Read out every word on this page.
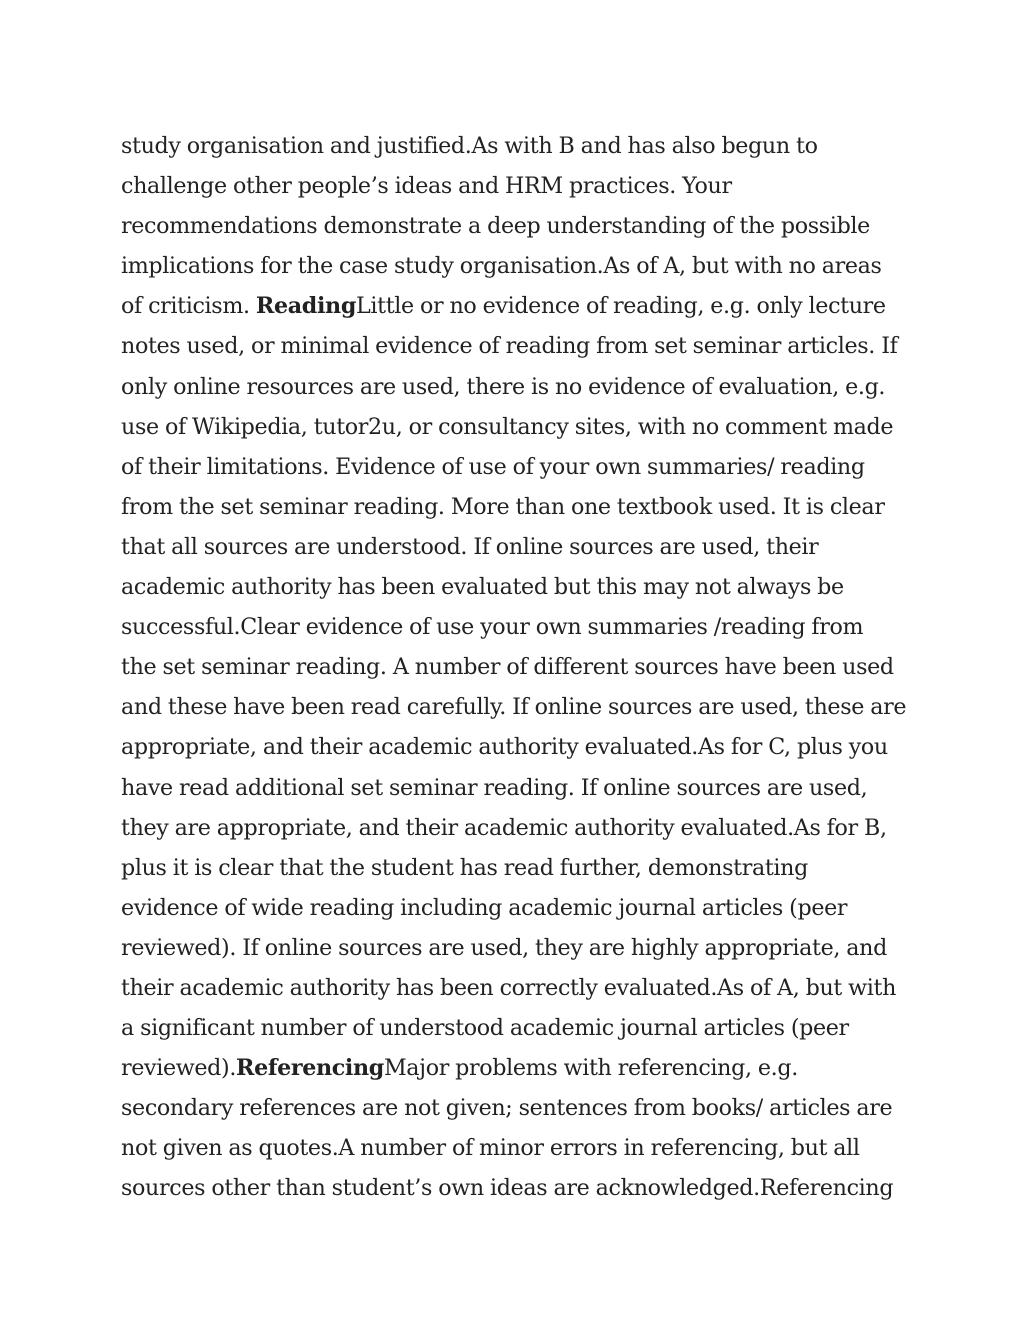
study organisation and justified.As with B and has also begun to
challenge other people’s ideas and HRM practices. Your
recommendations demonstrate a deep understanding of the possible
implications for the case study organisation.As of A, but with no areas
of criticism. ReadingLittle or no evidence of reading, e.g. only lecture
notes used, or minimal evidence of reading from set seminar articles. If
only online resources are used, there is no evidence of evaluation, e.g.
use of Wikipedia, tutor2u, or consultancy sites, with no comment made
of their limitations. Evidence of use of your own summaries/ reading
from the set seminar reading. More than one textbook used. It is clear
that all sources are understood. If online sources are used, their
academic authority has been evaluated but this may not always be
successful.Clear evidence of use your own summaries /reading from
the set seminar reading. A number of different sources have been used
and these have been read carefully. If online sources are used, these are
appropriate, and their academic authority evaluated.As for C, plus you
have read additional set seminar reading. If online sources are used,
they are appropriate, and their academic authority evaluated.As for B,
plus it is clear that the student has read further, demonstrating
evidence of wide reading including academic journal articles (peer
reviewed). If online sources are used, they are highly appropriate, and
their academic authority has been correctly evaluated.As of A, but with
a significant number of understood academic journal articles (peer
reviewed).ReferencingMajor problems with referencing, e.g.
secondary references are not given; sentences from books/ articles are
not given as quotes.A number of minor errors in referencing, but all
sources other than student’s own ideas are acknowledged.Referencing
